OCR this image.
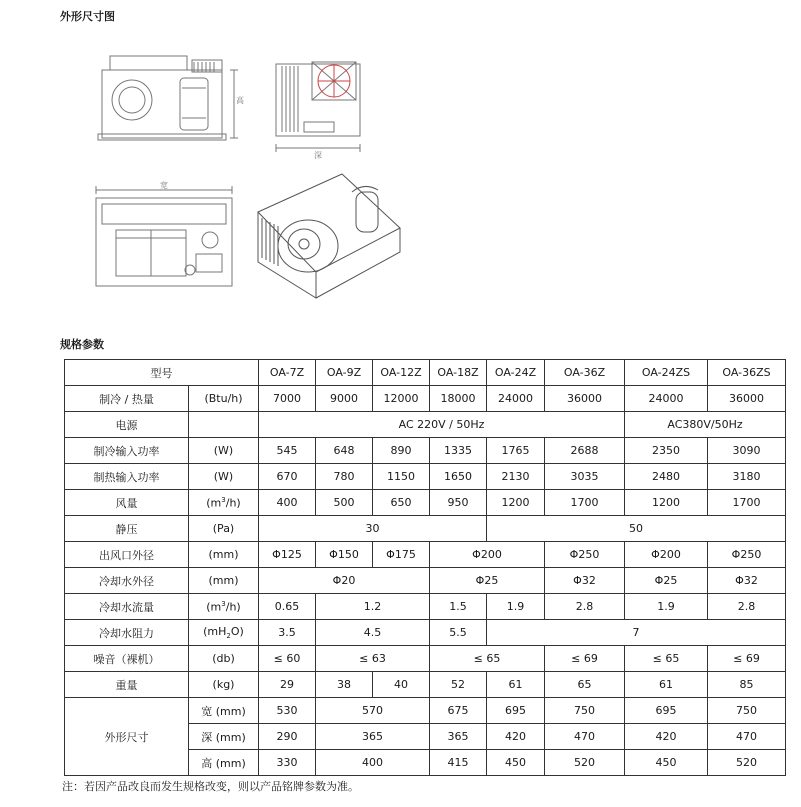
外形尺寸图
高
深
宽
规格参数
型号		OA-7Z	OA-9Z	OA-12Z	OA-18Z	OA-24Z	OA-36Z	OA-24ZS	OA-36ZS
制冷 / 热量	(Btu/h)	7000	9000	12000	18000	24000	36000	24000	36000
电源		AC 220V / 50Hz						AC380V/50Hz	
制冷输入功率	(W)	545	648	890	1335	1765	2688	2350	3090
制热输入功率	(W)	670	780	1150	1650	2130	3035	2480	3180
风量	$(m^3/h)$	400	500	650	950	1200	1700	1200	1700
静压	(Pa)	30				50			
出风口外径	(mm)	Φ125	Φ150	Φ175	Φ200		Φ250	Φ200	Φ250
冷却水外径	(mm)	Φ20			Φ25		Φ32	Φ25	Φ32
冷却水流量	$(m^3/h)$	0.65	1.2		1.5	1.9	2.8	1.9	2.8
冷却水阻力	$(mH_2O)$	3.5	4.5		5.5	7			
噪音（裸机）	(db)	≤ 60	≤ 63		≤ 65		≤ 69	≤ 65	≤ 69
重量	(kg)	29	38	40	52	61	65	61	85
外形尺寸	宽 (mm)	530	570		675	695	750	695	750
	深 (mm)	290	365		365	420	470	420	470
	高 (mm)	330	400		415	450	520	450	520
注：若因产品改良而发生规格改变，则以产品铭牌参数为准。
